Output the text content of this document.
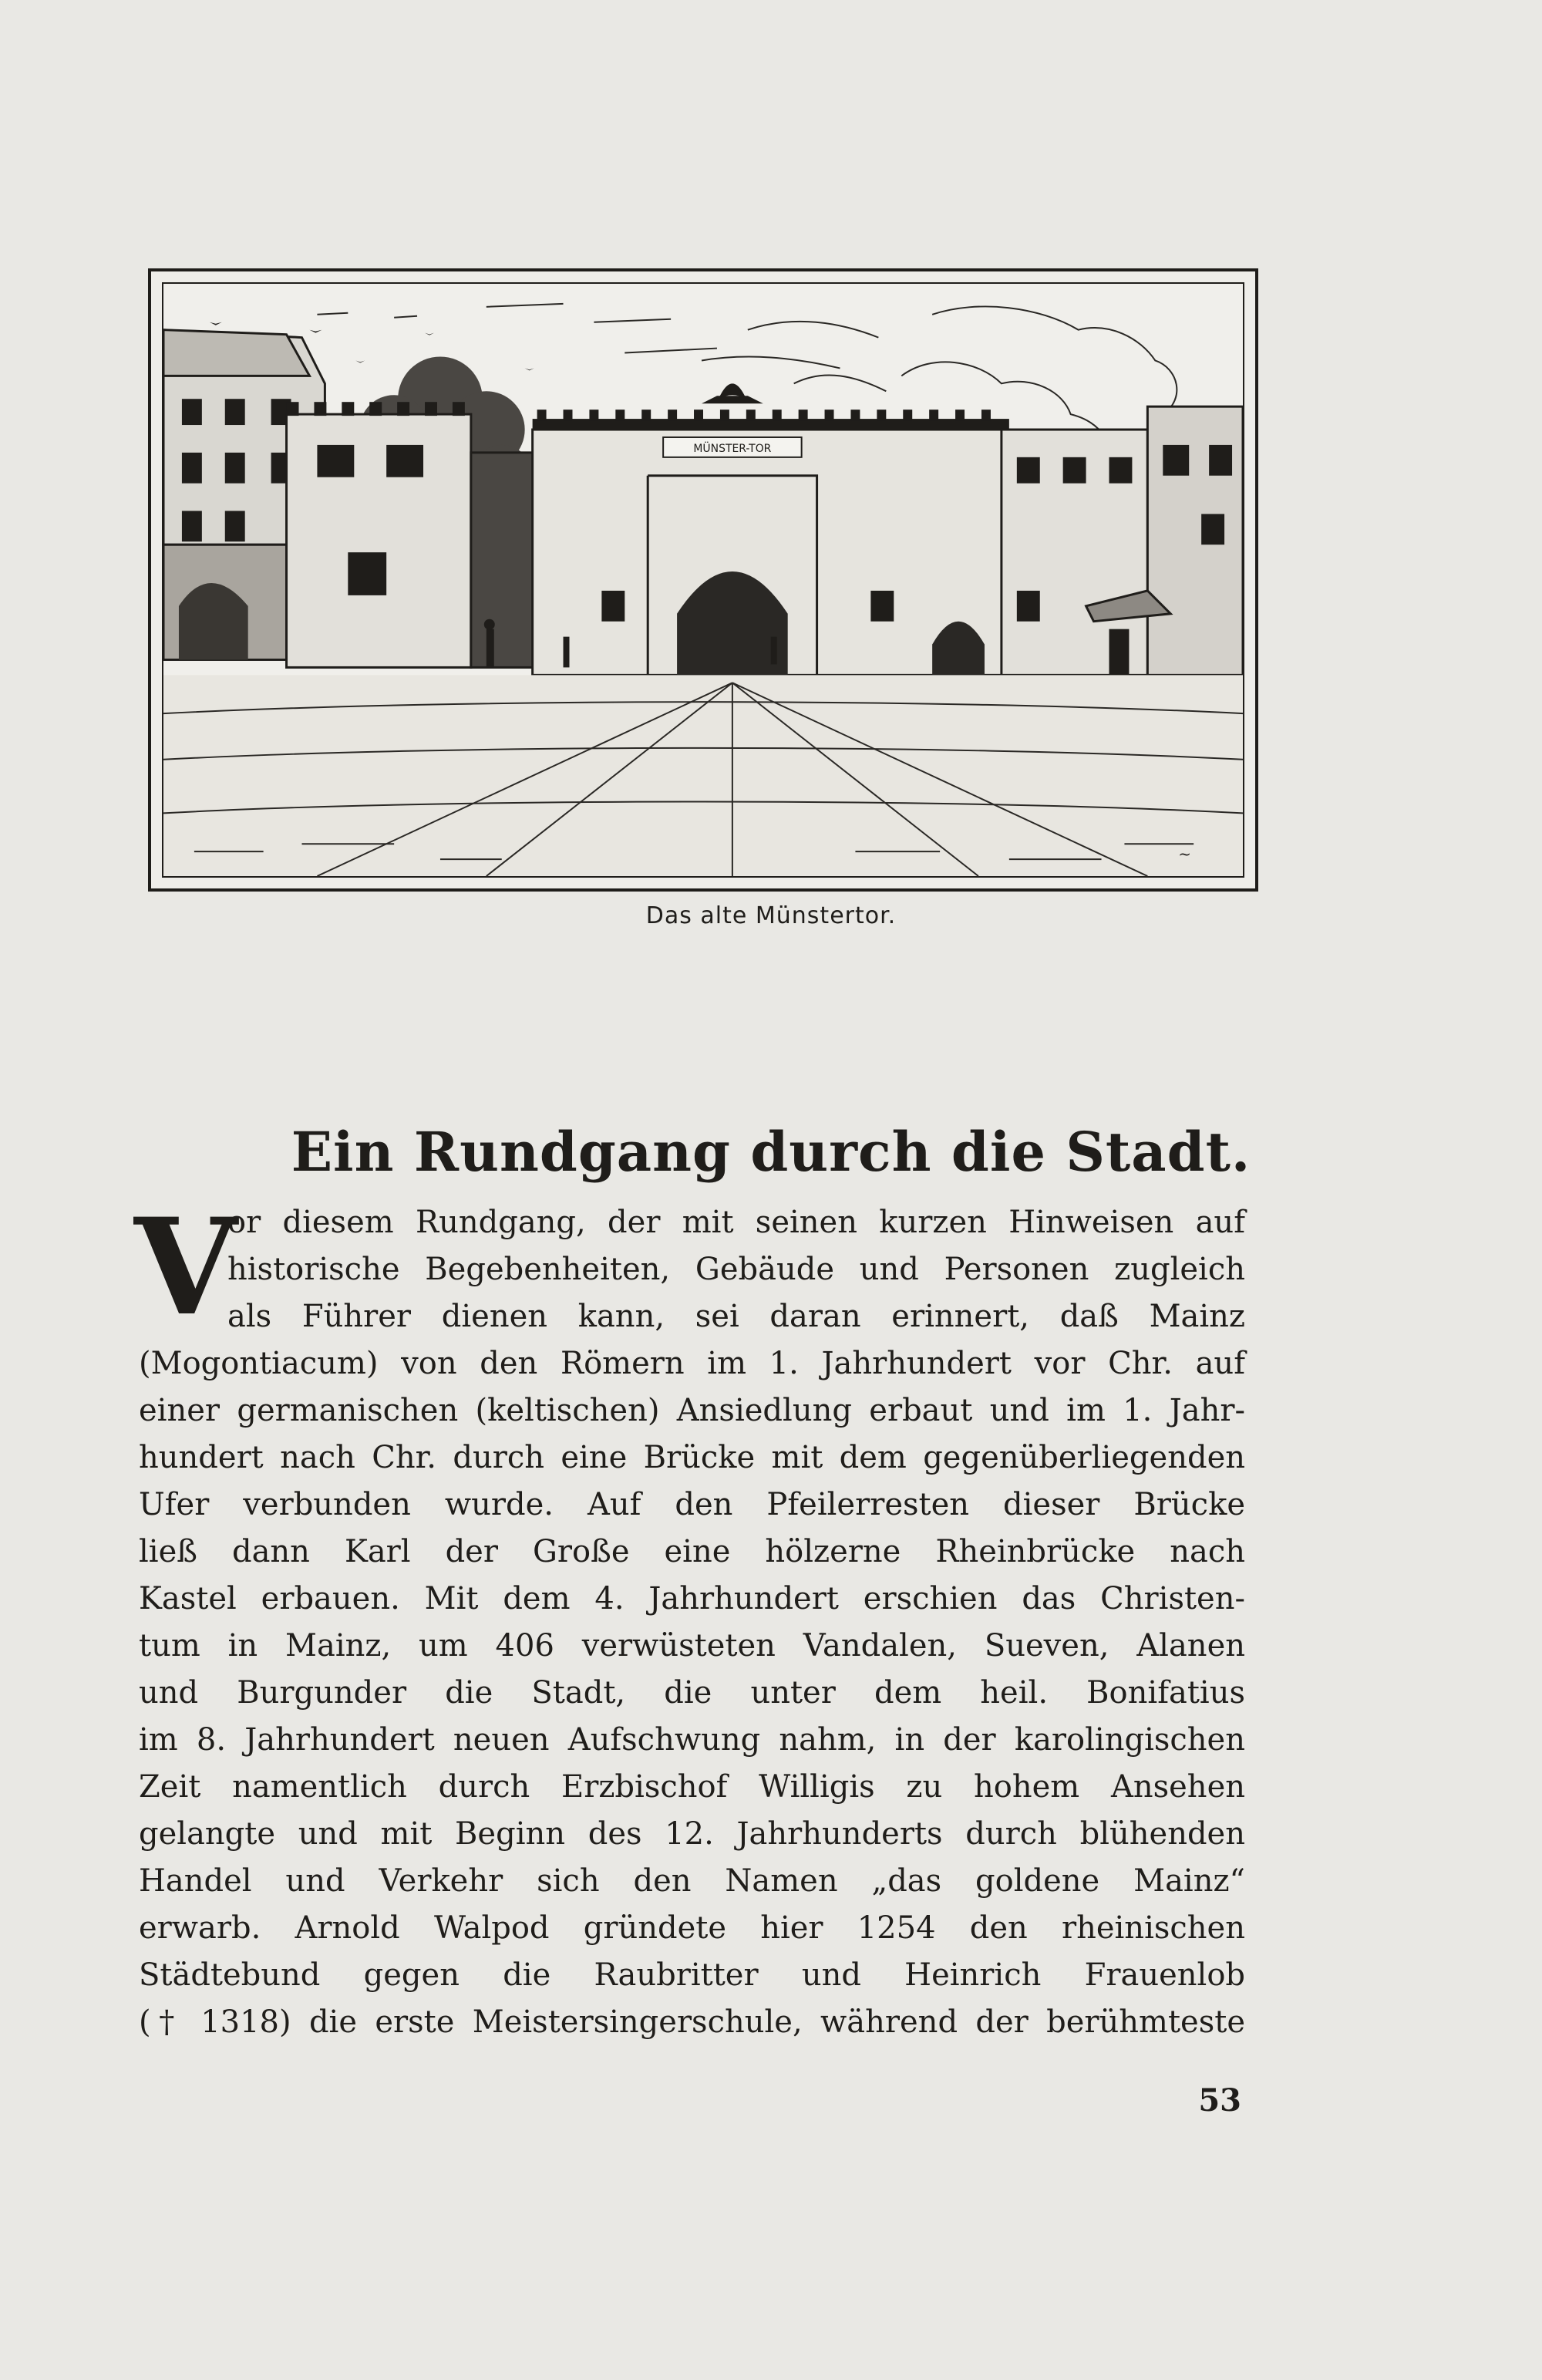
MÜNSTER-TOR
~
Das alte Münstertor.
Ein Rundgang durch die Stadt.
V
or diesem Rundgang, der mit seinen kurzen Hinweisen auf
historische Begebenheiten, Gebäude und Personen zugleich
als Führer dienen kann, sei daran erinnert, daß Mainz
(Mogontiacum) von den Römern im 1. Jahrhundert vor Chr. auf
einer germanischen (keltischen) Ansiedlung erbaut und im 1. Jahr-
hundert nach Chr. durch eine Brücke mit dem gegenüberliegenden
Ufer verbunden wurde. Auf den Pfeilerresten dieser Brücke
ließ dann Karl der Große eine hölzerne Rheinbrücke nach
Kastel erbauen. Mit dem 4. Jahrhundert erschien das Christen-
tum in Mainz, um 406 verwüsteten Vandalen, Sueven, Alanen
und Burgunder die Stadt, die unter dem heil. Bonifatius
im 8. Jahrhundert neuen Aufschwung nahm, in der karolingischen
Zeit namentlich durch Erzbischof Willigis zu hohem Ansehen
gelangte und mit Beginn des 12. Jahrhunderts durch blühenden
Handel und Verkehr sich den Namen „das goldene Mainz“
erwarb. Arnold Walpod gründete hier 1254 den rheinischen
Städtebund gegen die Raubritter und Heinrich Frauenlob
(† 1318) die erste Meistersingerschule, während der berühmteste
53
